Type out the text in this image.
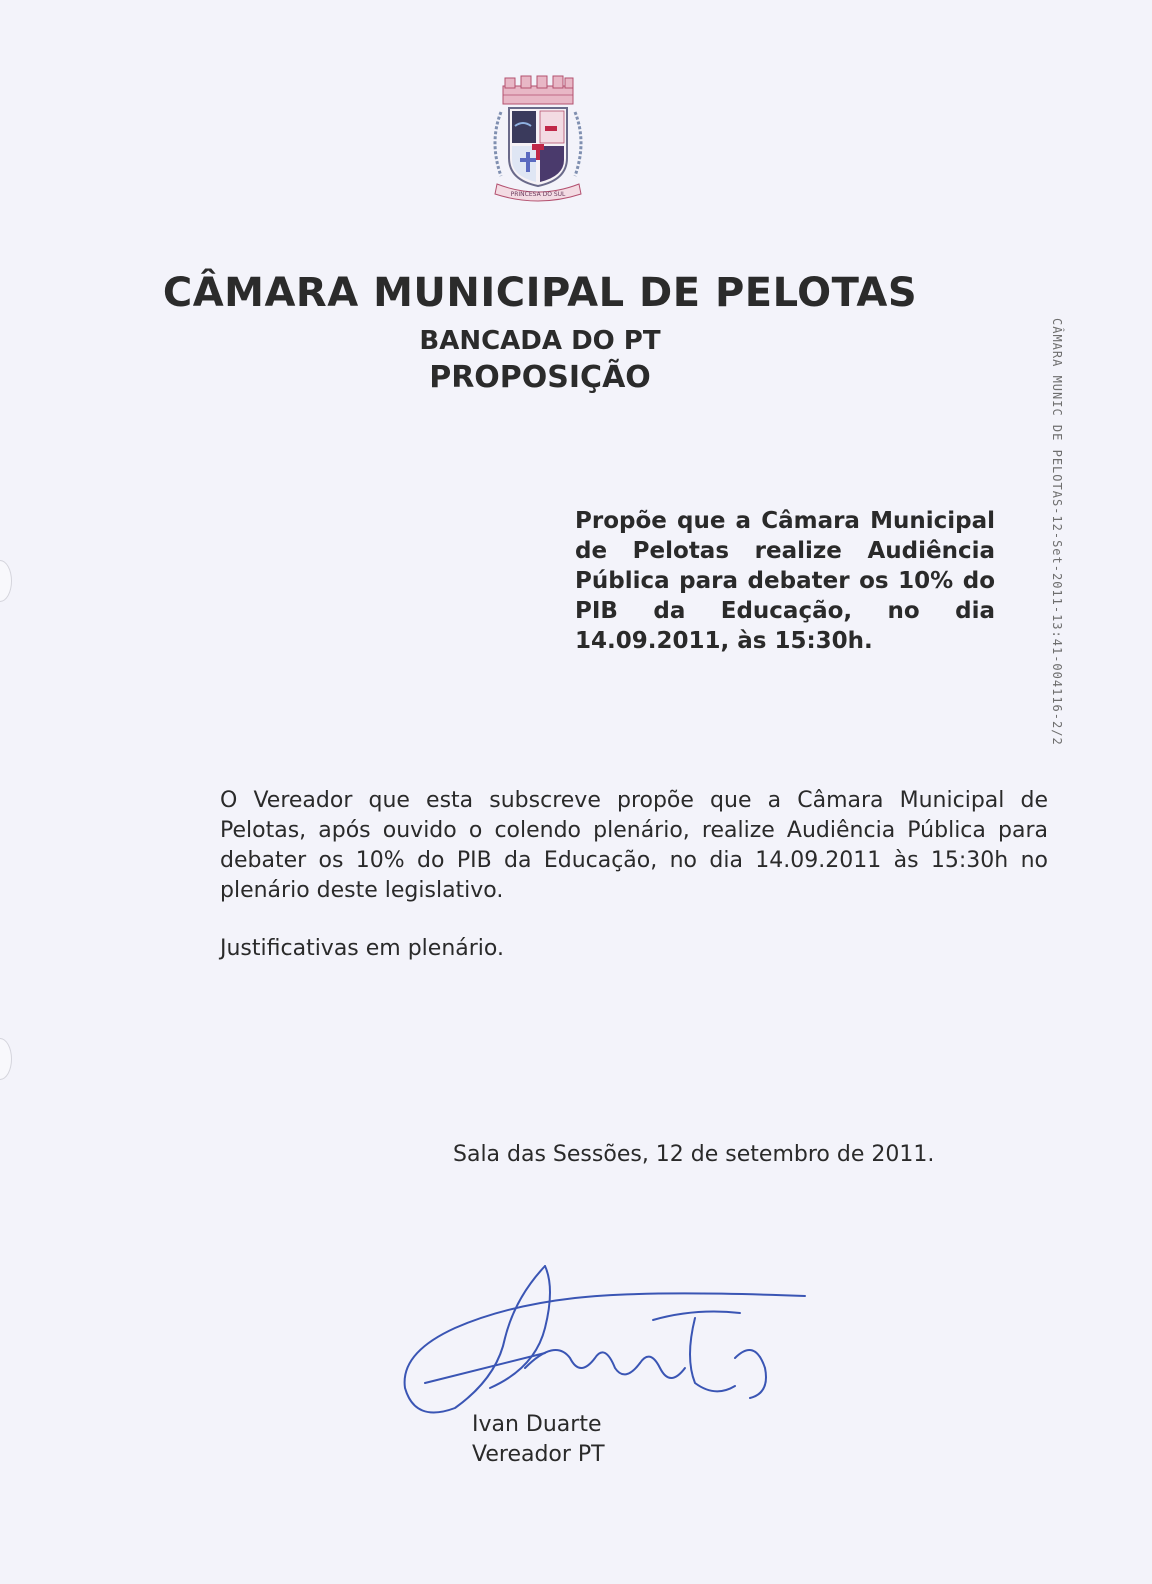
PRINCESA DO SUL
CÂMARA MUNICIPAL DE PELOTAS
BANCADA DO PT
PROPOSIÇÃO
Propõe que a Câmara Municipal de Pelotas realize Audiência Pública para debater os 10% do PIB da Educação, no dia 14.09.2011, às 15:30h.
O Vereador que esta subscreve propõe que a Câmara Municipal de Pelotas, após ouvido o colendo plenário, realize Audiência Pública para debater os 10% do PIB da Educação, no dia 14.09.2011 às 15:30h no plenário deste legislativo.
Justificativas em plenário.
Sala das Sessões, 12 de setembro de 2011.
Ivan Duarte
Vereador PT
CÂMARA MUNIC DE PELOTAS-12-Set-2011-13:41-004116-2/2
